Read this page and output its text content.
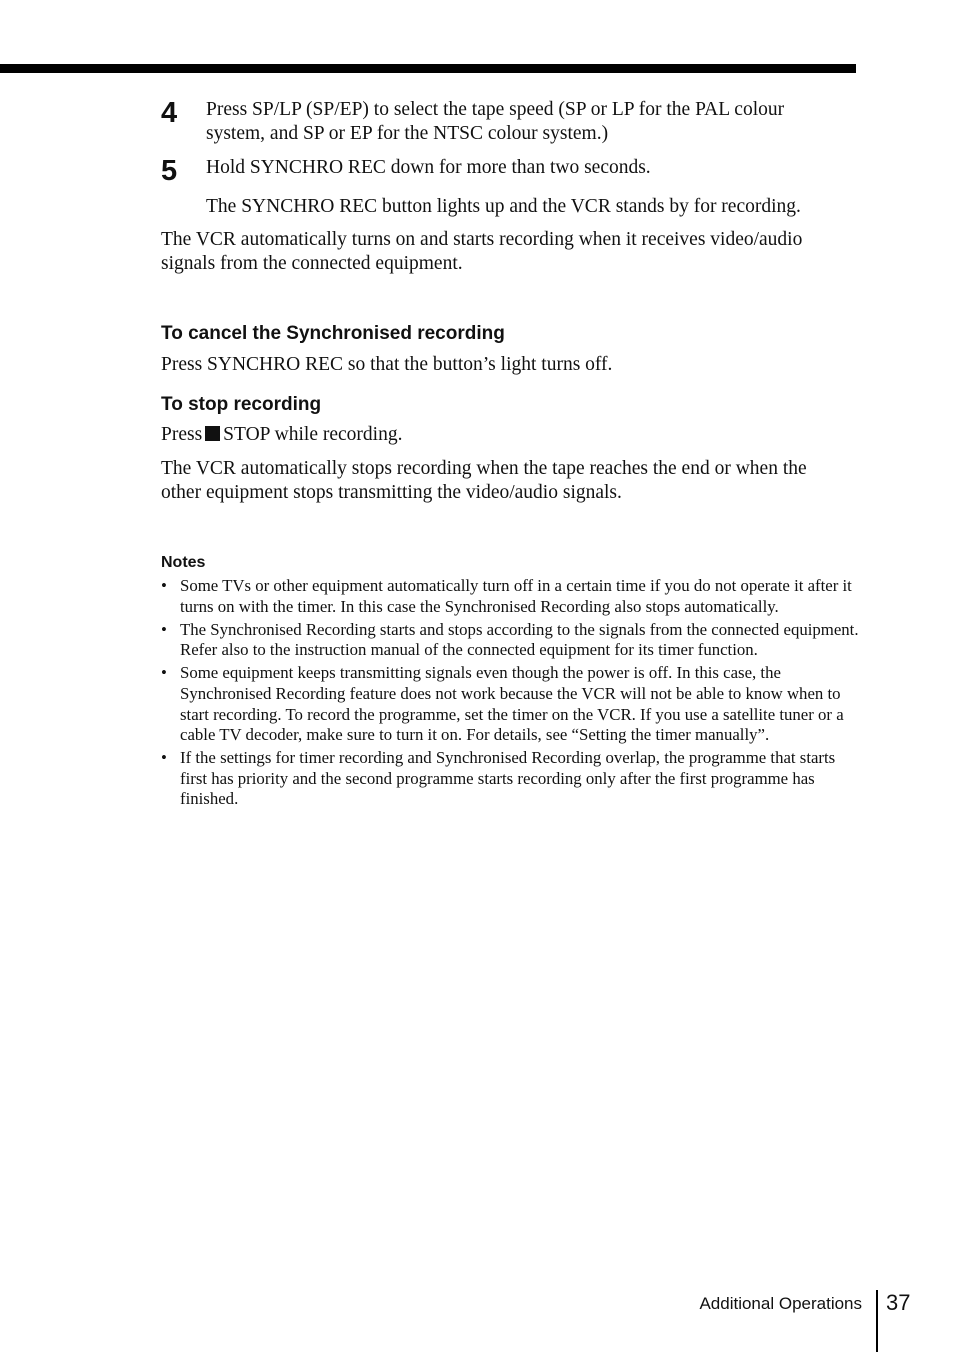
4	Press SP/LP (SP/EP) to select the tape speed (SP or LP for the PAL colour system, and SP or EP for the NTSC colour system.)
5	Hold SYNCHRO REC down for more than two seconds.
The SYNCHRO REC button lights up and the VCR stands by for recording.

The VCR automatically turns on and starts recording when it receives video/audio signals from the connected equipment.

To cancel the Synchronised recording

Press SYNCHRO REC so that the button’s light turns off.

To stop recording

Press STOP while recording.

The VCR automatically stops recording when the tape reaches the end or when the other equipment stops transmitting the video/audio signals.

Notes
• Some TVs or other equipment automatically turn off in a certain time if you do not operate it after it turns on with the timer. In this case the Synchronised Recording also stops automatically.
• The Synchronised Recording starts and stops according to the signals from the connected equipment. Refer also to the instruction manual of the connected equipment for its timer function.
• Some equipment keeps transmitting signals even though the power is off. In this case, the Synchronised Recording feature does not work because the VCR will not be able to know when to start recording. To record the programme, set the timer on the VCR. If you use a satellite tuner or a cable TV decoder, make sure to turn it on. For details, see “Setting the timer manually”.
• If the settings for timer recording and Synchronised Recording overlap, the programme that starts first has priority and the second programme starts recording only after the first programme has finished.
Additional Operations 37
